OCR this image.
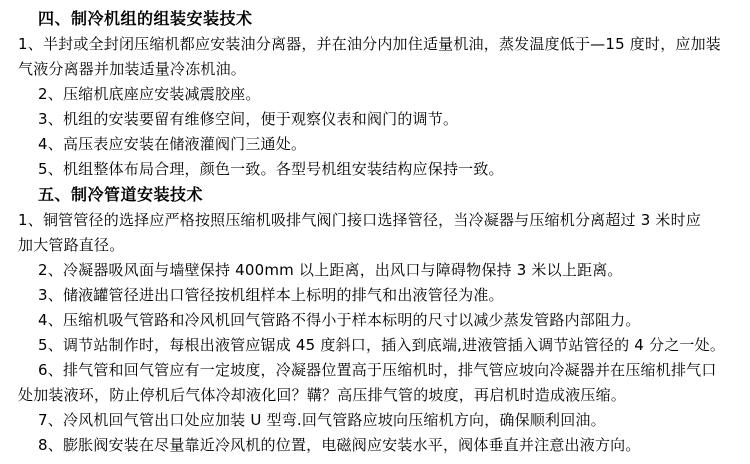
四、制冷机组的组装安装技术

1、半封或全封闭压缩机都应安装油分离器，并在油分内加住适量机油，蒸发温度低于—15 度时，应加装

气液分离器并加装适量冷冻机油。

2、压缩机底座应安装减震胶座。

3、机组的安装要留有维修空间，便于观察仪表和阀门的调节。

4、高压表应安装在储液灌阀门三通处。

5、机组整体布局合理，颜色一致。各型号机组安装结构应保持一致。

五、制冷管道安装技术

1、铜管管径的选择应严格按照压缩机吸排气阀门接口选择管径，当冷凝器与压缩机分离超过 3 米时应

加大管路直径。

2、冷凝器吸风面与墙壁保持 400mm 以上距离，出风口与障碍物保持 3 米以上距离。

3、储液罐管径进出口管径按机组样本上标明的排气和出液管径为准。

4、压缩机吸气管路和冷风机回气管路不得小于样本标明的尺寸以减少蒸发管路内部阻力。

5、调节站制作时，每根出液管应锯成 45 度斜口，插入到底端,进液管插入调节站管径的 4 分之一处。

6、排气管和回气管应有一定坡度，冷凝器位置高于压缩机时，排气管应坡向冷凝器并在压缩机排气口

处加装液环，防止停机后气体冷却液化回？鞲？高压排气管的坡度，再启机时造成液压缩。

7、冷风机回气管出口处应加装 U 型弯.回气管路应坡向压缩机方向，确保顺利回油。

8、膨胀阀安装在尽量靠近冷风机的位置，电磁阀应安装水平，阀体垂直并注意出液方向。
